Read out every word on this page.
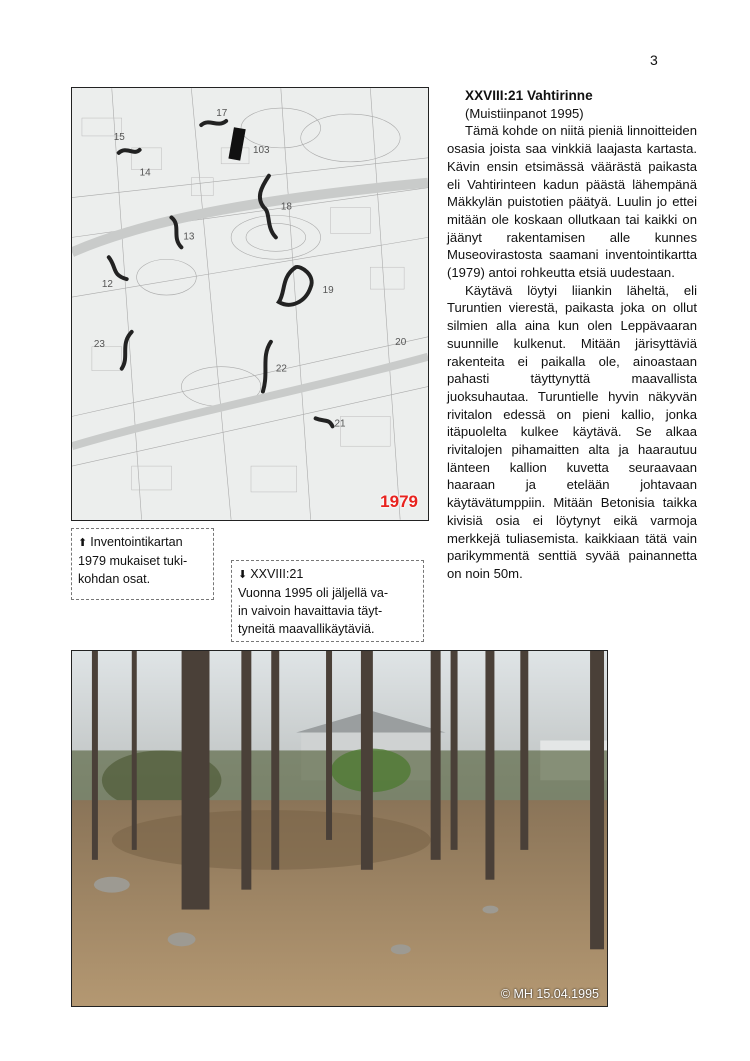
3
17
103
15
14
18
13
12
19
23
22
21
20
1979
⬆ Inventointikartan
1979 mukaiset tuki-
kohdan osat.	⬇ XXVIII:21
Vuonna 1995 oli jäljellä va-
in vaivoin havaittavia täyt-
tyneitä maavallikäytäviä.
XXVIII:21 Vahtirinne
(Muistiinpanot 1995)

Tämä kohde on niitä pieniä linnoitteiden osasia joista saa vinkkiä laajasta kartasta. Kävin ensin etsimässä väärästä paikasta eli Vahtirinteen kadun päästä lähempänä Mäkkylän puistotien päätyä. Luulin jo ettei mitään ole koskaan ollutkaan tai kaikki on jäänyt rakentamisen alle kunnes Museovirastosta saamani inventointikartta (1979) antoi rohkeutta etsiä uudestaan.

Käytävä löytyi liiankin läheltä, eli Turuntien vierestä, paikasta joka on ollut silmien alla aina kun olen Leppävaaran suunnille kulkenut. Mitään järisyttäviä rakenteita ei paikalla ole, ainoastaan pahasti täyttynyttä maavallista juoksuhautaa. Turuntielle hyvin näkyvän rivitalon edessä on pieni kallio, jonka itäpuolelta kulkee käytävä. Se alkaa rivitalojen pihamaitten alta ja haarautuu länteen kallion kuvetta seuraavaan haaraan ja etelään johtavaan käytävätumppiin. Mitään Betonisia taikka kivisiä osia ei löytynyt eikä varmoja merkkejä tuliasemista. kaikkiaan tätä vain parikymmentä senttiä syvää painannetta on noin 50m.

© MH 15.04.1995
